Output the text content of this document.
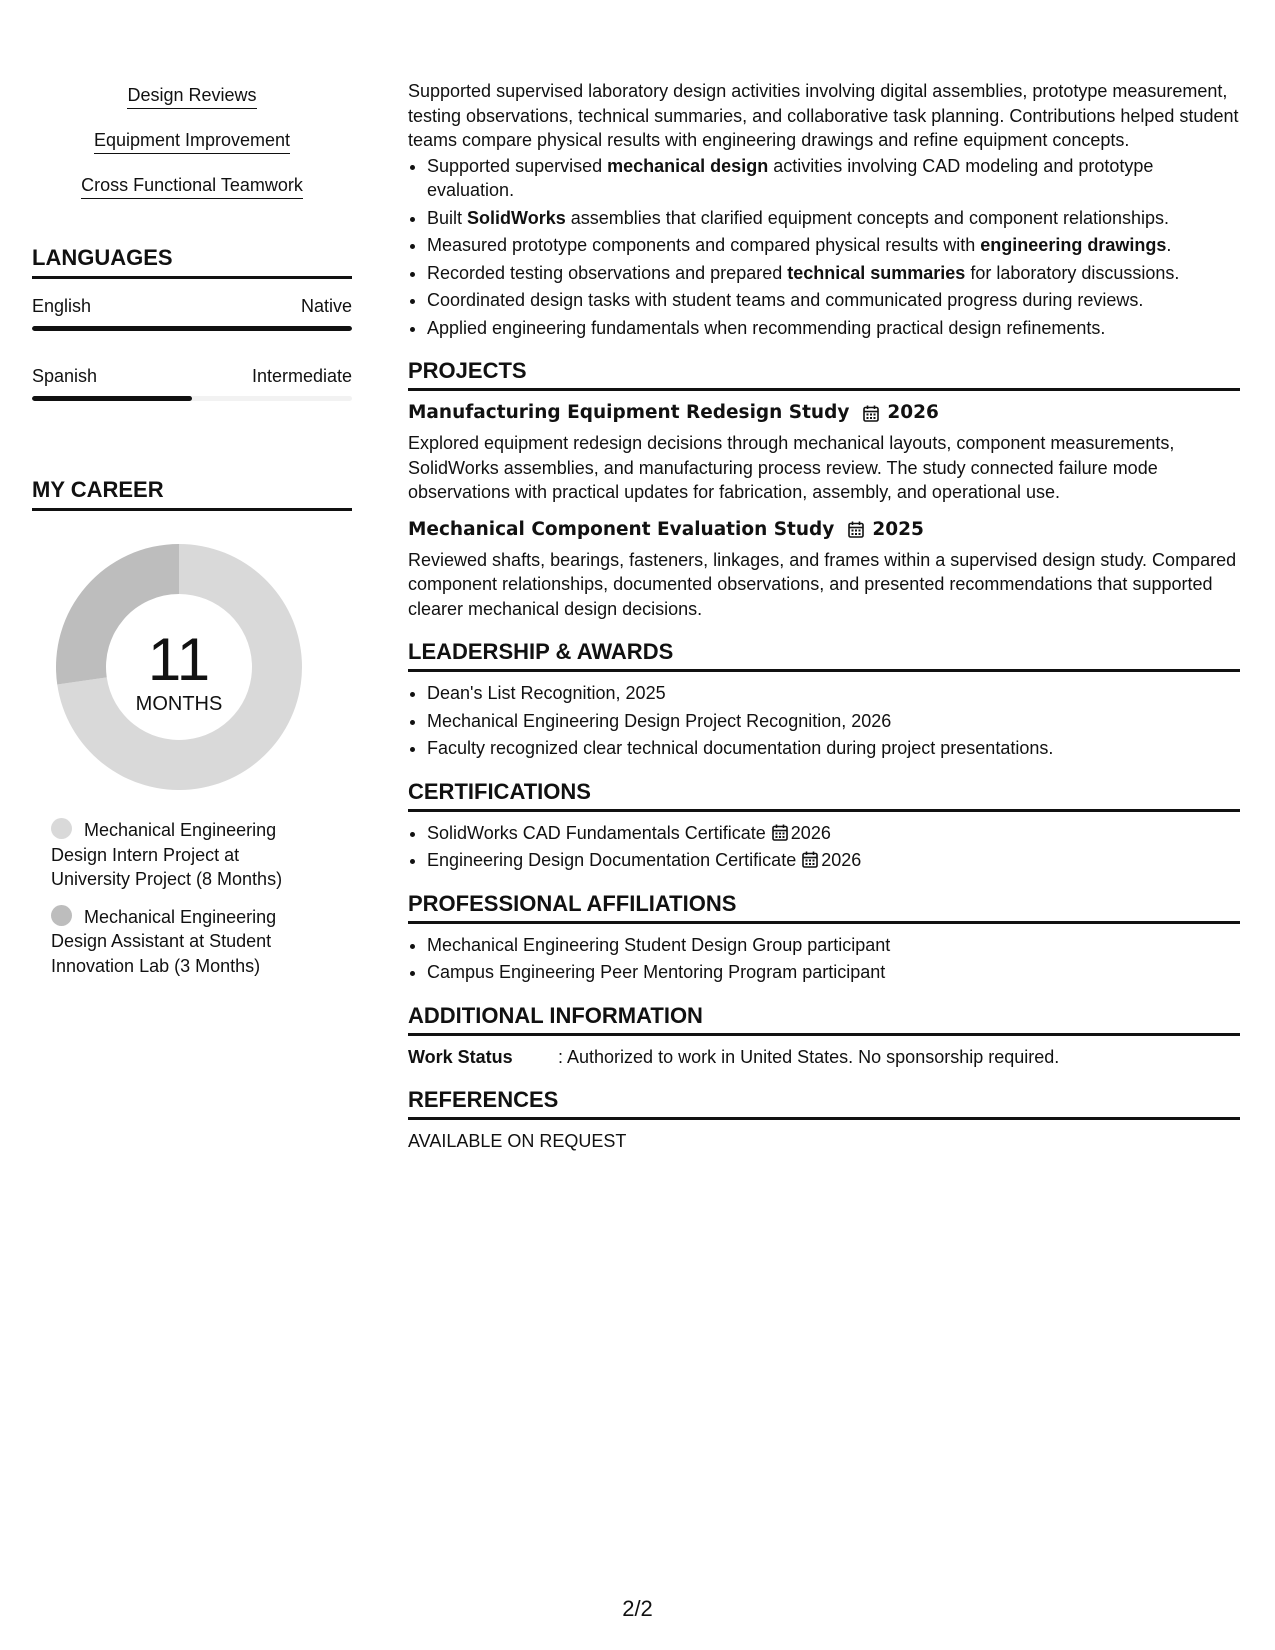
Design Reviews
Equipment Improvement
Cross Functional Teamwork
LANGUAGES
English	Native
Spanish	Intermediate
MY CAREER
11
MONTHS
Mechanical Engineering Design Intern Project at University Project (8 Months)
Mechanical Engineering Design Assistant at Student Innovation Lab (3 Months)

Supported supervised laboratory design activities involving digital assemblies, prototype measurement, testing observations, technical summaries, and collaborative task planning. Contributions helped student teams compare physical results with engineering drawings and refine equipment concepts.

• Supported supervised mechanical design activities involving CAD modeling and prototype evaluation.
• Built SolidWorks assemblies that clarified equipment concepts and component relationships.
• Measured prototype components and compared physical results with engineering drawings.
• Recorded testing observations and prepared technical summaries for laboratory discussions.
• Coordinated design tasks with student teams and communicated progress during reviews.
• Applied engineering fundamentals when recommending practical design refinements.
PROJECTS
Manufacturing Equipment Redesign Study 2026

Explored equipment redesign decisions through mechanical layouts, component measurements, SolidWorks assemblies, and manufacturing process review. The study connected failure mode observations with practical updates for fabrication, assembly, and operational use.

Mechanical Component Evaluation Study 2025

Reviewed shafts, bearings, fasteners, linkages, and frames within a supervised design study. Compared component relationships, documented observations, and presented recommendations that supported clearer mechanical design decisions.

LEADERSHIP & AWARDS
• Dean's List Recognition, 2025
• Mechanical Engineering Design Project Recognition, 2026
• Faculty recognized clear technical documentation during project presentations.
CERTIFICATIONS
• SolidWorks CAD Fundamentals Certificate 2026
• Engineering Design Documentation Certificate 2026
PROFESSIONAL AFFILIATIONS
• Mechanical Engineering Student Design Group participant
• Campus Engineering Peer Mentoring Program participant
ADDITIONAL INFORMATION
Work Status	: Authorized to work in United States. No sponsorship required.
REFERENCES

AVAILABLE ON REQUEST

2/2
